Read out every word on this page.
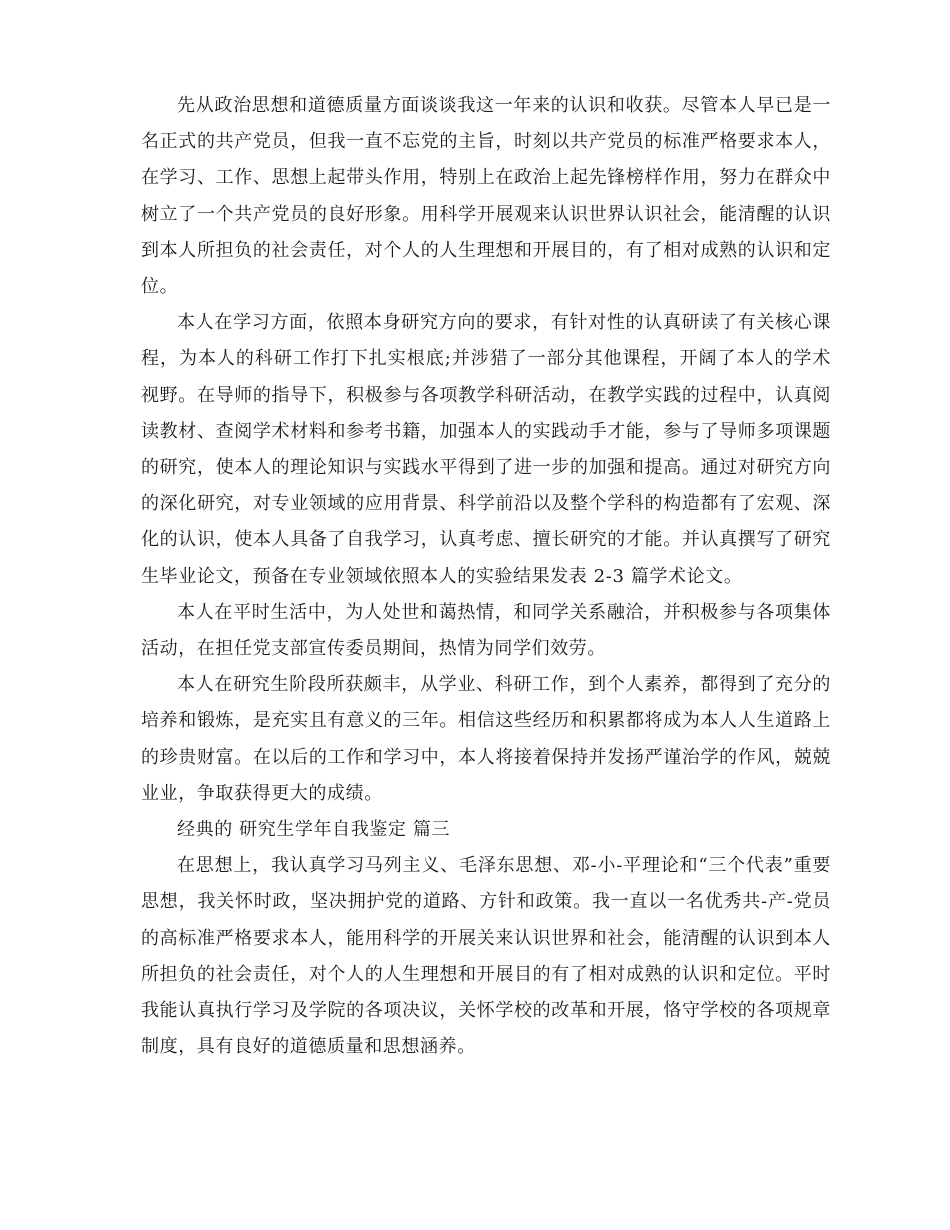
先从政治思想和道德质量方面谈谈我这一年来的认识和收获。尽管本人早已是一名正式的共产党员，但我一直不忘党的主旨，时刻以共产党员的标准严格要求本人，在学习、工作、思想上起带头作用，特别上在政治上起先锋榜样作用，努力在群众中树立了一个共产党员的良好形象。用科学开展观来认识世界认识社会，能清醒的认识到本人所担负的社会责任，对个人的人生理想和开展目的，有了相对成熟的认识和定位。

本人在学习方面，依照本身研究方向的要求，有针对性的认真研读了有关核心课程，为本人的科研工作打下扎实根底;并涉猎了一部分其他课程，开阔了本人的学术视野。在导师的指导下，积极参与各项教学科研活动，在教学实践的过程中，认真阅读教材、查阅学术材料和参考书籍，加强本人的实践动手才能，参与了导师多项课题的研究，使本人的理论知识与实践水平得到了进一步的加强和提高。通过对研究方向的深化研究，对专业领域的应用背景、科学前沿以及整个学科的构造都有了宏观、深化的认识，使本人具备了自我学习，认真考虑、擅长研究的才能。并认真撰写了研究生毕业论文，预备在专业领域依照本人的实验结果发表 2-3 篇学术论文。

本人在平时生活中，为人处世和蔼热情，和同学关系融洽，并积极参与各项集体活动，在担任党支部宣传委员期间，热情为同学们效劳。

本人在研究生阶段所获颇丰，从学业、科研工作，到个人素养，都得到了充分的培养和锻炼，是充实且有意义的三年。相信这些经历和积累都将成为本人人生道路上的珍贵财富。在以后的工作和学习中，本人将接着保持并发扬严谨治学的作风，兢兢业业，争取获得更大的成绩。

经典的 研究生学年自我鉴定 篇三

在思想上，我认真学习马列主义、毛泽东思想、邓-小-平理论和“三个代表”重要思想，我关怀时政，坚决拥护党的道路、方针和政策。我一直以一名优秀共-产-党员的高标准严格要求本人，能用科学的开展关来认识世界和社会，能清醒的认识到本人所担负的社会责任，对个人的人生理想和开展目的有了相对成熟的认识和定位。平时我能认真执行学习及学院的各项决议，关怀学校的改革和开展，恪守学校的各项规章制度，具有良好的道德质量和思想涵养。
